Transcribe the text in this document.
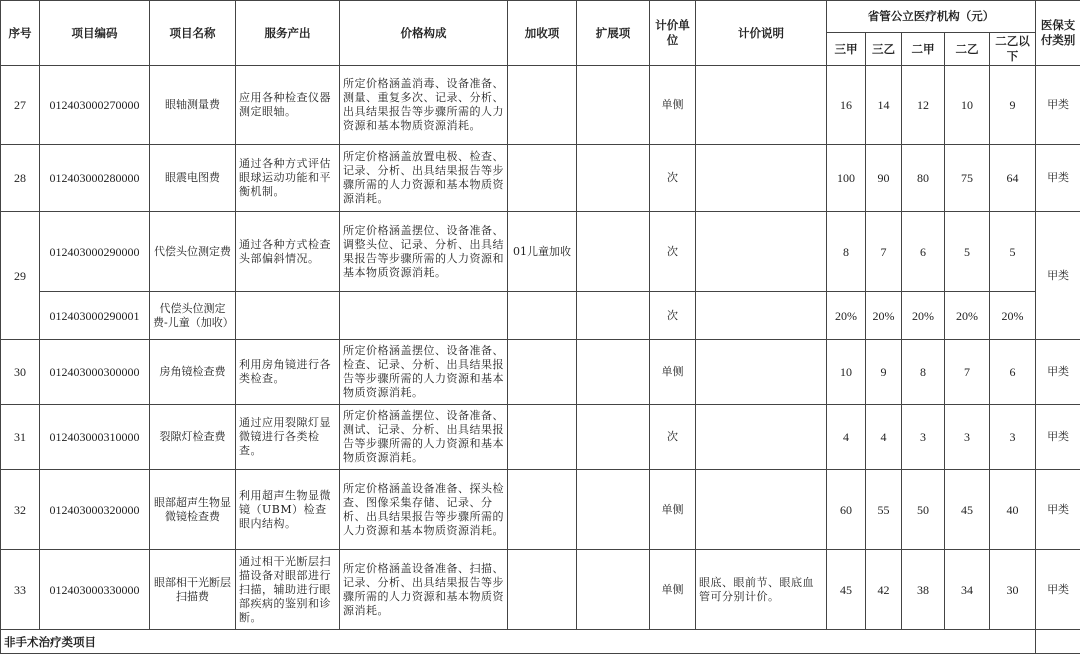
序号	项目编码	项目名称	服务产出	价格构成	加收项	扩展项	计价单位	计价说明	省管公立医疗机构（元）					医保支付类别
									三甲	三乙	二甲	二乙	二乙以下	
27	012403000270000	眼轴测量费	应用各种检查仪器测定眼轴。	所定价格涵盖消毒、设备准备、测量、重复多次、记录、分析、出具结果报告等步骤所需的人力资源和基本物质资源消耗。			单侧		16	14	12	10	9	甲类
28	012403000280000	眼震电图费	通过各种方式评估眼球运动功能和平衡机制。	所定价格涵盖放置电极、检查、记录、分析、出具结果报告等步骤所需的人力资源和基本物质资源消耗。			次		100	90	80	75	64	甲类
29	012403000290000	代偿头位测定费	通过各种方式检查头部偏斜情况。	所定价格涵盖摆位、设备准备、调整头位、记录、分析、出具结果报告等步骤所需的人力资源和基本物质资源消耗。	01儿童加收		次		8	7	6	5	5	甲类
	012403000290001	代偿头位测定费-儿童（加收）					次		20%	20%	20%	20%	20%	
30	012403000300000	房角镜检查费	利用房角镜进行各类检查。	所定价格涵盖摆位、设备准备、检查、记录、分析、出具结果报告等步骤所需的人力资源和基本物质资源消耗。			单侧		10	9	8	7	6	甲类
31	012403000310000	裂隙灯检查费	通过应用裂隙灯显微镜进行各类检查。	所定价格涵盖摆位、设备准备、测试、记录、分析、出具结果报告等步骤所需的人力资源和基本物质资源消耗。			次		4	4	3	3	3	甲类
32	012403000320000	眼部超声生物显微镜检查费	利用超声生物显微镜（UBM）检查眼内结构。	所定价格涵盖设备准备、探头检查、图像采集存储、记录、分析、出具结果报告等步骤所需的人力资源和基本物质资源消耗。			单侧		60	55	50	45	40	甲类
33	012403000330000	眼部相干光断层扫描费	通过相干光断层扫描设备对眼部进行扫描，辅助进行眼部疾病的鉴别和诊断。	所定价格涵盖设备准备、扫描、记录、分析、出具结果报告等步骤所需的人力资源和基本物质资源消耗。			单侧	眼底、眼前节、眼底血管可分别计价。	45	42	38	34	30	甲类
非手术治疗类项目														
